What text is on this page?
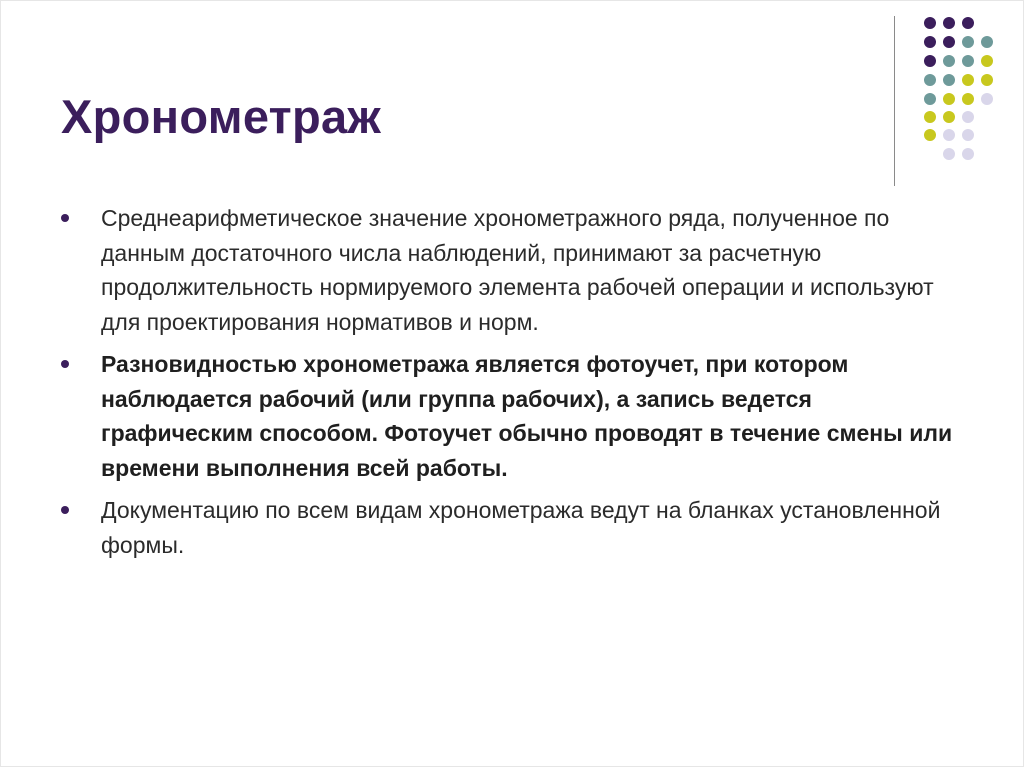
Хронометраж
Среднеарифметическое значение хронометражного ряда, полученное по данным достаточного числа наблюдений, принимают за расчетную продолжительность нормируемого элемента рабочей операции и используют для проектирования нормативов и норм.
Разновидностью хронометража является фотоучет, при котором наблюдается рабочий (или группа рабочих), а запись ведется графическим способом. Фотоучет обычно проводят в течение смены или времени выполнения всей работы.
Документацию по всем видам хронометража ведут на бланках установленной формы.
